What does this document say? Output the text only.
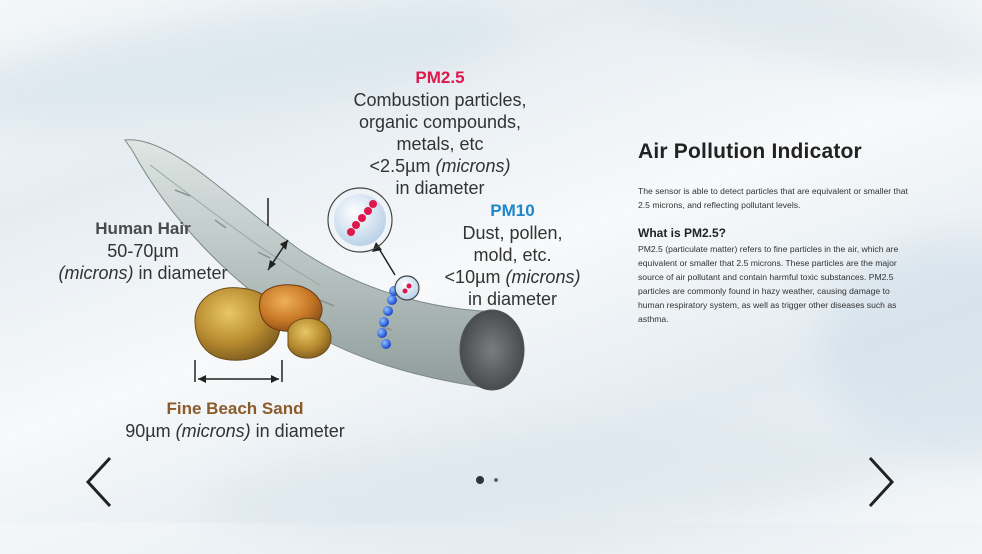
PM2.5
Combustion particles,
organic compounds,
metals, etc
<2.5µm (microns)
in diameter
PM10
Dust, pollen,
mold, etc.
<10µm (microns)
in diameter
Human Hair
50-70µm
(microns) in diameter
Fine Beach Sand
90µm (microns) in diameter
Air Pollution Indicator

The sensor is able to detect particles that are equivalent or smaller that 2.5 microns, and reflecting pollutant levels.

What is PM2.5?

PM2.5 (particulate matter) refers to fine particles in the air, which are equivalent or smaller that 2.5 microns. These particles are the major source of air pollutant and contain harmful toxic substances. PM2.5 particles are commonly found in hazy weather, causing damage to human respiratory system, as well as trigger other diseases such as asthma.
